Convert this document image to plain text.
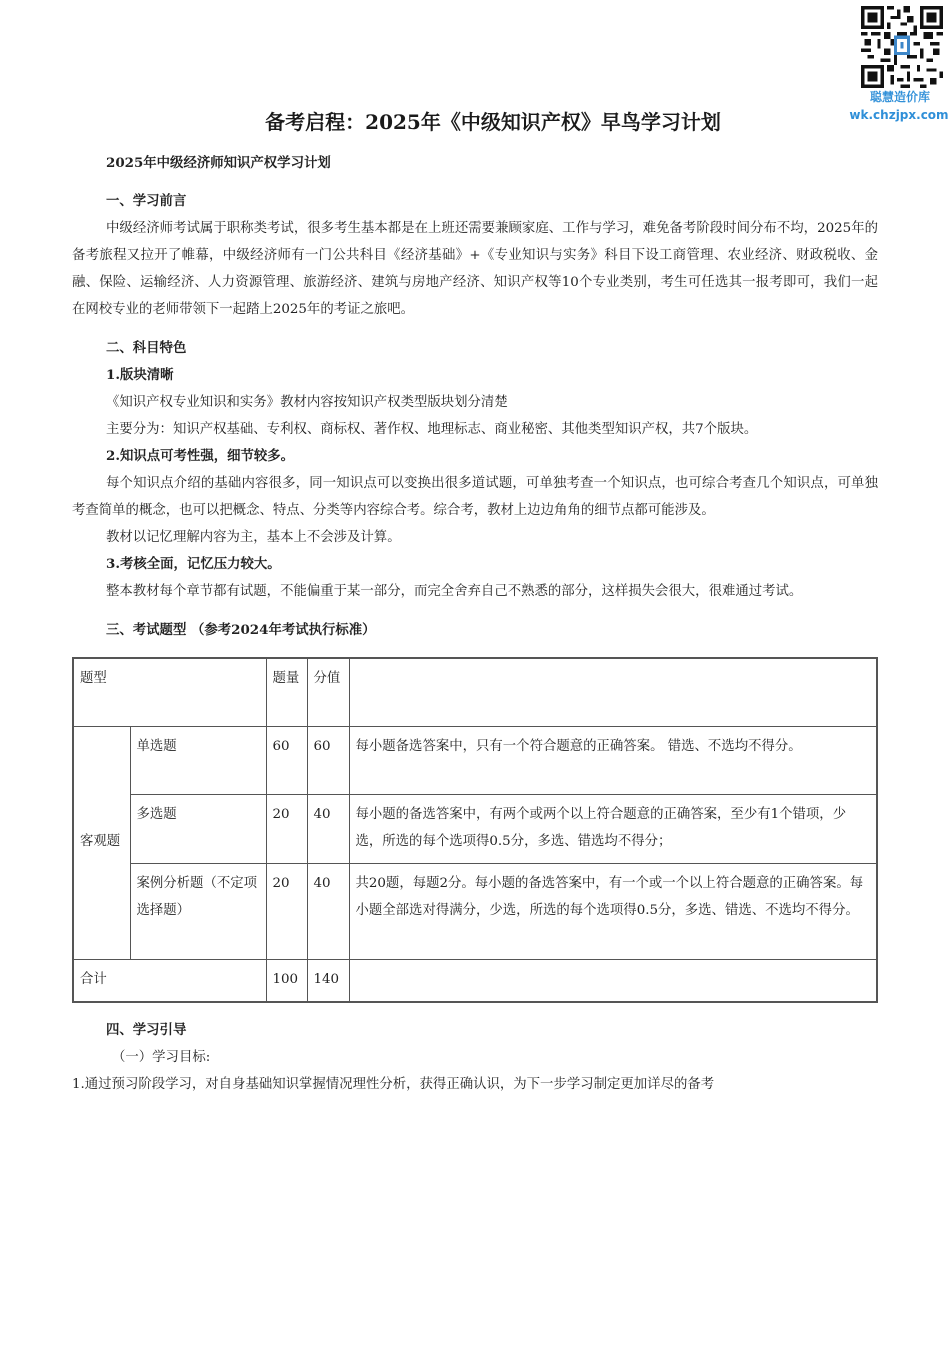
聪慧造价库
wk.chzjpx.com
备考启程：2025年《中级知识产权》早鸟学习计划
2025年中级经济师知识产权学习计划
一、学习前言
中级经济师考试属于职称类考试，很多考生基本都是在上班还需要兼顾家庭、工作与学习，难免备考阶段时间分布不均，2025年的备考旅程又拉开了帷幕，中级经济师有一门公共科目《经济基础》+《专业知识与实务》科目下设工商管理、农业经济、财政税收、金融、保险、运输经济、人力资源管理、旅游经济、建筑与房地产经济、知识产权等10个专业类别，考生可任选其一报考即可，我们一起在网校专业的老师带领下一起踏上2025年的考证之旅吧。
二、科目特色
1.版块清晰
《知识产权专业知识和实务》教材内容按知识产权类型版块划分清楚
主要分为：知识产权基础、专利权、商标权、著作权、地理标志、商业秘密、其他类型知识产权，共7个版块。
2.知识点可考性强，细节较多。
每个知识点介绍的基础内容很多，同一知识点可以变换出很多道试题，可单独考查一个知识点，也可综合考查几个知识点，可单独考查简单的概念，也可以把概念、特点、分类等内容综合考。综合考，教材上边边角角的细节点都可能涉及。
教材以记忆理解内容为主，基本上不会涉及计算。
3.考核全面，记忆压力较大。
整本教材每个章节都有试题，不能偏重于某一部分，而完全舍弃自己不熟悉的部分，这样损失会很大，很难通过考试。
三、考试题型 （参考2024年考试执行标准）
题型		题量	分值	
客观题	单选题	60	60	每小题备选答案中，只有一个符合题意的正确答案。 错选、不选均不得分。
	多选题	20	40	每小题的备选答案中，有两个或两个以上符合题意的正确答案，至少有1个错项，少选，所选的每个选项得0.5分，多选、错选均不得分；
	案例分析题（不定项选择题）	20	40	共20题，每题2分。每小题的备选答案中，有一个或一个以上符合题意的正确答案。每小题全部选对得满分，少选，所选的每个选项得0.5分，多选、错选、不选均不得分。
合计		100	140	
四、学习引导
（一）学习目标:
1.通过预习阶段学习，对自身基础知识掌握情况理性分析，获得正确认识，为下一步学习制定更加详尽的备考
